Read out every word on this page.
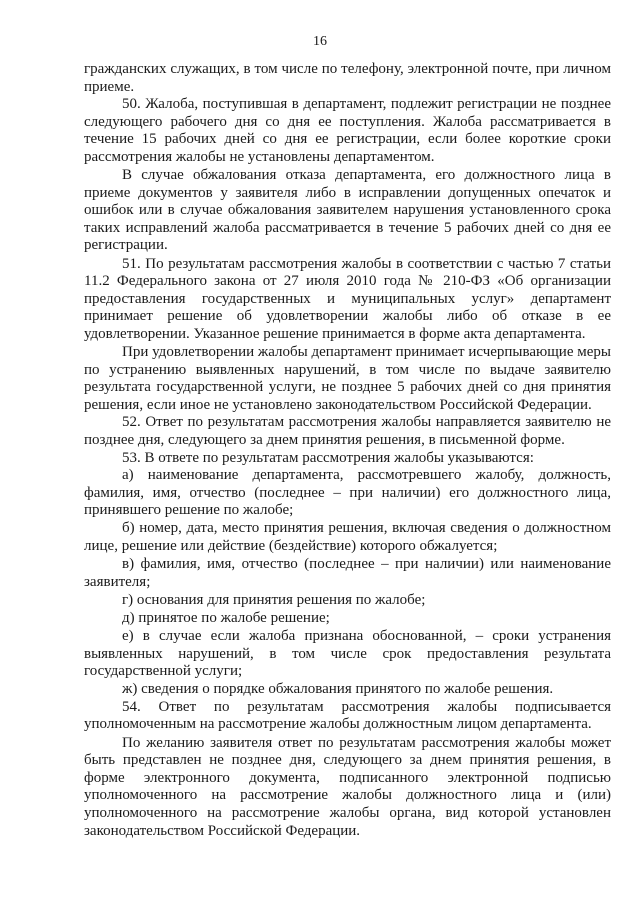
16

гражданских служащих, в том числе по телефону, электронной почте, при личном приеме.

50. Жалоба, поступившая в департамент, подлежит регистрации не позднее следующего рабочего дня со дня ее поступления. Жалоба рассматривается в течение 15 рабочих дней со дня ее регистрации, если более короткие сроки рассмотрения жалобы не установлены департаментом.

В случае обжалования отказа департамента, его должностного лица в приеме документов у заявителя либо в исправлении допущенных опечаток и ошибок или в случае обжалования заявителем нарушения установленного срока таких исправлений жалоба рассматривается в течение 5 рабочих дней со дня ее регистрации.

51. По результатам рассмотрения жалобы в соответствии с частью 7 статьи 11.2 Федерального закона от 27 июля 2010 года № 210-ФЗ «Об организации предоставления государственных и муниципальных услуг» департамент принимает решение об удовлетворении жалобы либо об отказе в ее удовлетворении. Указанное решение принимается в форме акта департамента.

При удовлетворении жалобы департамент принимает исчерпывающие меры по устранению выявленных нарушений, в том числе по выдаче заявителю результата государственной услуги, не позднее 5 рабочих дней со дня принятия решения, если иное не установлено законодательством Российской Федерации.

52. Ответ по результатам рассмотрения жалобы направляется заявителю не позднее дня, следующего за днем принятия решения, в письменной форме.

53. В ответе по результатам рассмотрения жалобы указываются:

а) наименование департамента, рассмотревшего жалобу, должность, фамилия, имя, отчество (последнее – при наличии) его должностного лица, принявшего решение по жалобе;

б) номер, дата, место принятия решения, включая сведения о должностном лице, решение или действие (бездействие) которого обжалуется;

в) фамилия, имя, отчество (последнее – при наличии) или наименование заявителя;

г) основания для принятия решения по жалобе;

д) принятое по жалобе решение;

е) в случае если жалоба признана обоснованной, – сроки устранения выявленных нарушений, в том числе срок предоставления результата государственной услуги;

ж) сведения о порядке обжалования принятого по жалобе решения.

54. Ответ по результатам рассмотрения жалобы подписывается уполномоченным на рассмотрение жалобы должностным лицом департамента.

По желанию заявителя ответ по результатам рассмотрения жалобы может быть представлен не позднее дня, следующего за днем принятия решения, в форме электронного документа, подписанного электронной подписью уполномоченного на рассмотрение жалобы должностного лица и (или) уполномоченного на рассмотрение жалобы органа, вид которой установлен законодательством Российской Федерации.
